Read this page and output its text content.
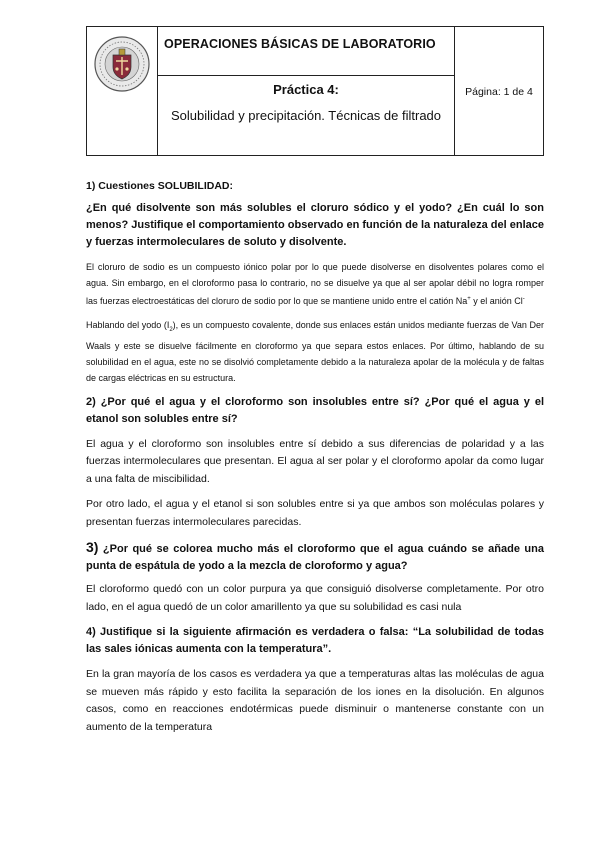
OPERACIONES BÁSICAS DE LABORATORIO
Práctica 4:
Solubilidad y precipitación. Técnicas de filtrado
Página: 1 de 4

1) Cuestiones SOLUBILIDAD:

¿En qué disolvente son más solubles el cloruro sódico y el yodo? ¿En cuál lo son menos? Justifique el comportamiento observado en función de la naturaleza del enlace y fuerzas intermoleculares de soluto y disolvente.

El cloruro de sodio es un compuesto iónico polar por lo que puede disolverse en disolventes polares como el agua. Sin embargo, en el cloroformo pasa lo contrario, no se disuelve ya que al ser apolar débil no logra romper las fuerzas electroestáticas del cloruro de sodio por lo que se mantiene unido entre el catión Na+ y el anión Cl-

Hablando del yodo $(I_2)$, es un compuesto covalente, donde sus enlaces están unidos mediante fuerzas de Van Der Waals y este se disuelve fácilmente en cloroformo ya que separa estos enlaces. Por último, hablando de su solubilidad en el agua, este no se disolvió completamente debido a la naturaleza apolar de la molécula y de faltas de cargas eléctricas en su estructura.

2) ¿Por qué el agua y el cloroformo son insolubles entre sí? ¿Por qué el agua y el etanol son solubles entre sí?

El agua y el cloroformo son insolubles entre sí debido a sus diferencias de polaridad y a las fuerzas intermoleculares que presentan. El agua al ser polar y el cloroformo apolar da como lugar a una falta de miscibilidad.

Por otro lado, el agua y el etanol si son solubles entre si ya que ambos son moléculas polares y presentan fuerzas intermoleculares parecidas.

3) ¿Por qué se colorea mucho más el cloroformo que el agua cuándo se añade una punta de espátula de yodo a la mezcla de cloroformo y agua?

El cloroformo quedó con un color purpura ya que consiguió disolverse completamente. Por otro lado, en el agua quedó de un color amarillento ya que su solubilidad es casi nula

4) Justifique si la siguiente afirmación es verdadera o falsa: “La solubilidad de todas las sales iónicas aumenta con la temperatura”.

En la gran mayoría de los casos es verdadera ya que a temperaturas altas las moléculas de agua se mueven más rápido y esto facilita la separación de los iones en la disolución. En algunos casos, como en reacciones endotérmicas puede disminuir o mantenerse constante con un aumento de la temperatura
